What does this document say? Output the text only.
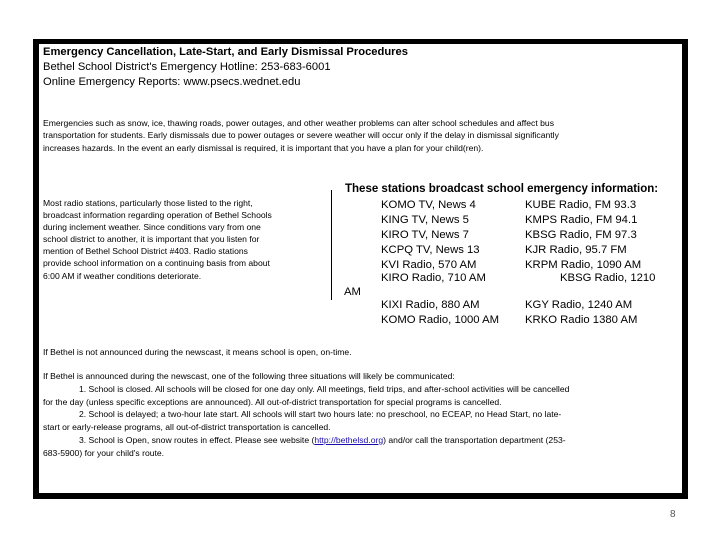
Emergency Cancellation, Late-Start, and Early Dismissal Procedures
Bethel School District's Emergency Hotline: 253-683-6001
Online Emergency Reports: www.psecs.wednet.edu
Emergencies such as snow, ice, thawing roads, power outages, and other weather problems can alter school schedules and affect bus
transportation for students. Early dismissals due to power outages or severe weather will occur only if the delay in dismissal significantly
increases hazards. In the event an early dismissal is required, it is important that you have a plan for your child(ren).
Most radio stations, particularly those listed to the right,
broadcast information regarding operation of Bethel Schools
during inclement weather. Since conditions vary from one
school district to another, it is important that you listen for
mention of Bethel School District #403. Radio stations
provide school information on a continuing basis from about
6:00 AM if weather conditions deteriorate.
These stations broadcast school emergency information:
KOMO TV, News 4
KING TV, News 5
KIRO TV, News 7
KCPQ TV, News 13
KVI Radio, 570 AM
KIRO Radio, 710 AM
KIXI Radio, 880 AM
KOMO Radio, 1000 AM
KUBE Radio, FM 93.3
KMPS Radio, FM 94.1
KBSG Radio, FM 97.3
KJR Radio, 95.7 FM
KRPM Radio, 1090 AM
KBSG Radio, 1210
KGY Radio, 1240 AM
KRKO Radio 1380 AM
AM
If Bethel is not announced during the newscast, it means school is open, on-time.
If Bethel is announced during the newscast, one of the following three situations will likely be communicated:
1. School is closed. All schools will be closed for one day only. All meetings, field trips, and after-school activities will be cancelled
for the day (unless specific exceptions are announced). All out-of-district transportation for special programs is cancelled.
2. School is delayed; a two-hour late start. All schools will start two hours late: no preschool, no ECEAP, no Head Start, no late-
start or early-release programs, all out-of-district transportation is cancelled.
3. School is Open, snow routes in effect. Please see website (http://bethelsd.org) and/or call the transportation department (253-
683-5900) for your child's route.
8
